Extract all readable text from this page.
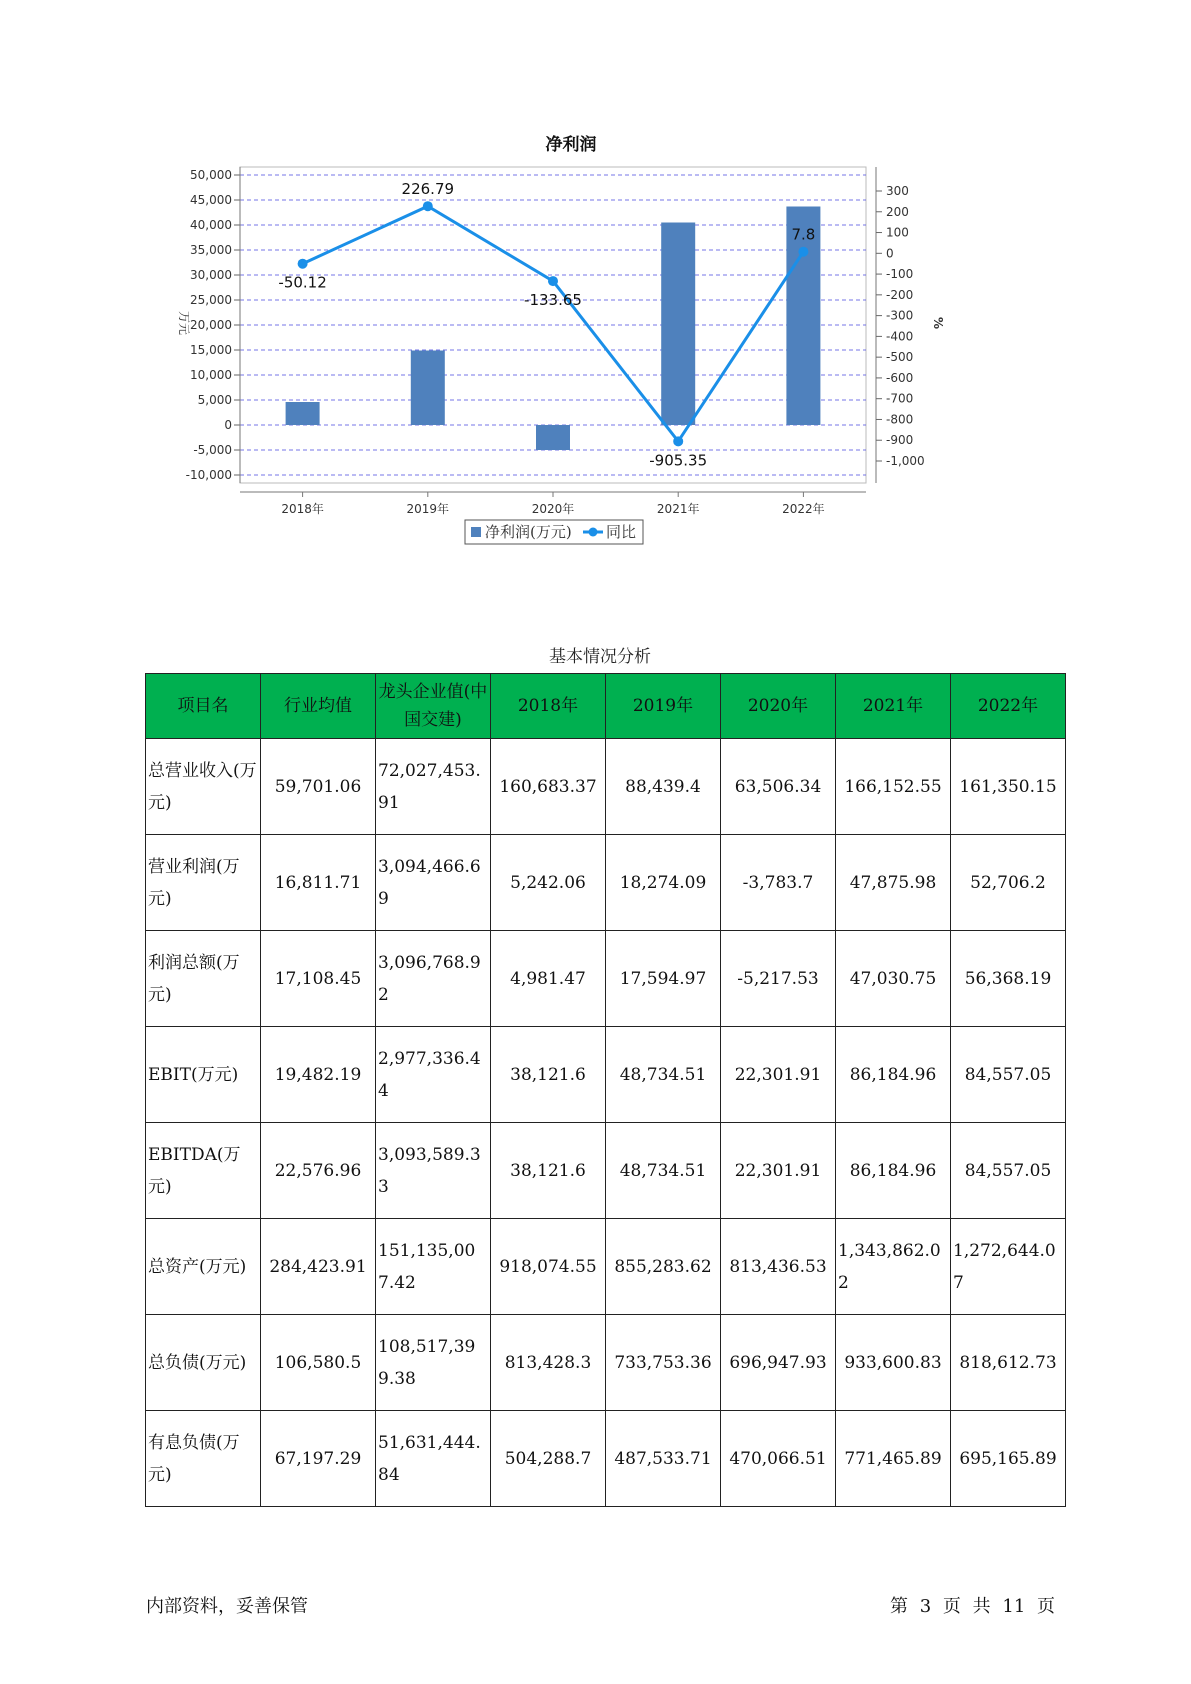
净利润
50,000
45,000
40,000
35,000
30,000
25,000
20,000
15,000
10,000
5,000
0
-5,000
-10,000
300
200
100
0
-100
-200
-300
-400
-500
-600
-700
-800
-900
-1,000
万元	%
2018年	2019年	2020年	2021年	2022年
-50.12
226.79
-133.65
-905.35
7.8
净利润(万元) 同比
基本情况分析
项目名	行业均值	龙头企业值(中国交建)	2018年	2019年	2020年	2021年	2022年
总营业收入(万元)	59,701.06	72,027,453.91	160,683.37	88,439.4	63,506.34	166,152.55	161,350.15
营业利润(万元)	16,811.71	3,094,466.69	5,242.06	18,274.09	-3,783.7	47,875.98	52,706.2
利润总额(万元)	17,108.45	3,096,768.92	4,981.47	17,594.97	-5,217.53	47,030.75	56,368.19
EBIT(万元)	19,482.19	2,977,336.44	38,121.6	48,734.51	22,301.91	86,184.96	84,557.05
EBITDA(万元)	22,576.96	3,093,589.33	38,121.6	48,734.51	22,301.91	86,184.96	84,557.05
总资产(万元)	284,423.91	151,135,007.42	918,074.55	855,283.62	813,436.53	1,343,862.02	1,272,644.07
总负债(万元)	106,580.5	108,517,399.38	813,428.3	733,753.36	696,947.93	933,600.83	818,612.73
有息负债(万元)	67,197.29	51,631,444.84	504,288.7	487,533.71	470,066.51	771,465.89	695,165.89
内部资料，妥善保管	第 3 页 共 11 页
